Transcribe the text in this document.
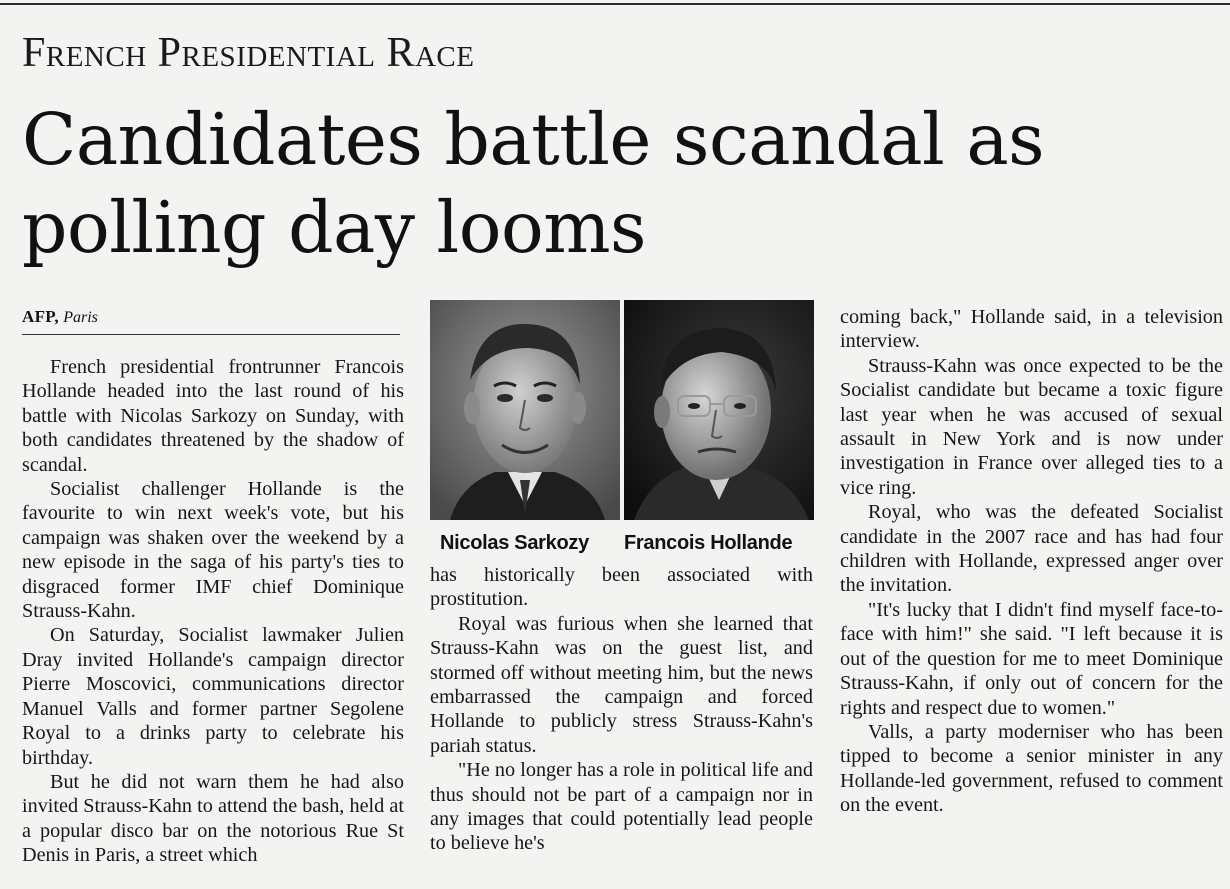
French Presidential Race
Candidates battle scandal as
polling day looms
AFP, Paris

French presidential frontrunner Francois Hollande headed into the last round of his battle with Nicolas Sarkozy on Sunday, with both candidates threatened by the shadow of scandal.

Socialist challenger Hollande is the favourite to win next week's vote, but his campaign was shaken over the weekend by a new episode in the saga of his party's ties to disgraced former IMF chief Dominique Strauss-Kahn.

On Saturday, Socialist lawmaker Julien Dray invited Hollande's campaign director Pierre Moscovici, communications director Manuel Valls and former partner Segolene Royal to a drinks party to celebrate his birthday.

But he did not warn them he had also invited Strauss-Kahn to attend the bash, held at a popular disco bar on the notorious Rue St Denis in Paris, a street which

Nicolas Sarkozy Francois Hollande

has historically been associated with prostitution.

Royal was furious when she learned that Strauss-Kahn was on the guest list, and stormed off without meeting him, but the news embarrassed the campaign and forced Hollande to publicly stress Strauss-Kahn's pariah status.

"He no longer has a role in political life and thus should not be part of a campaign nor in any images that could potentially lead people to believe he's

coming back," Hollande said, in a television interview.

Strauss-Kahn was once expected to be the Socialist candidate but became a toxic figure last year when he was accused of sexual assault in New York and is now under investigation in France over alleged ties to a vice ring.

Royal, who was the defeated Socialist candidate in the 2007 race and has had four children with Hollande, expressed anger over the invitation.

"It's lucky that I didn't find myself face-to-face with him!" she said. "I left because it is out of the question for me to meet Dominique Strauss-Kahn, if only out of concern for the rights and respect due to women."

Valls, a party moderniser who has been tipped to become a senior minister in any Hollande-led government, refused to comment on the event.
